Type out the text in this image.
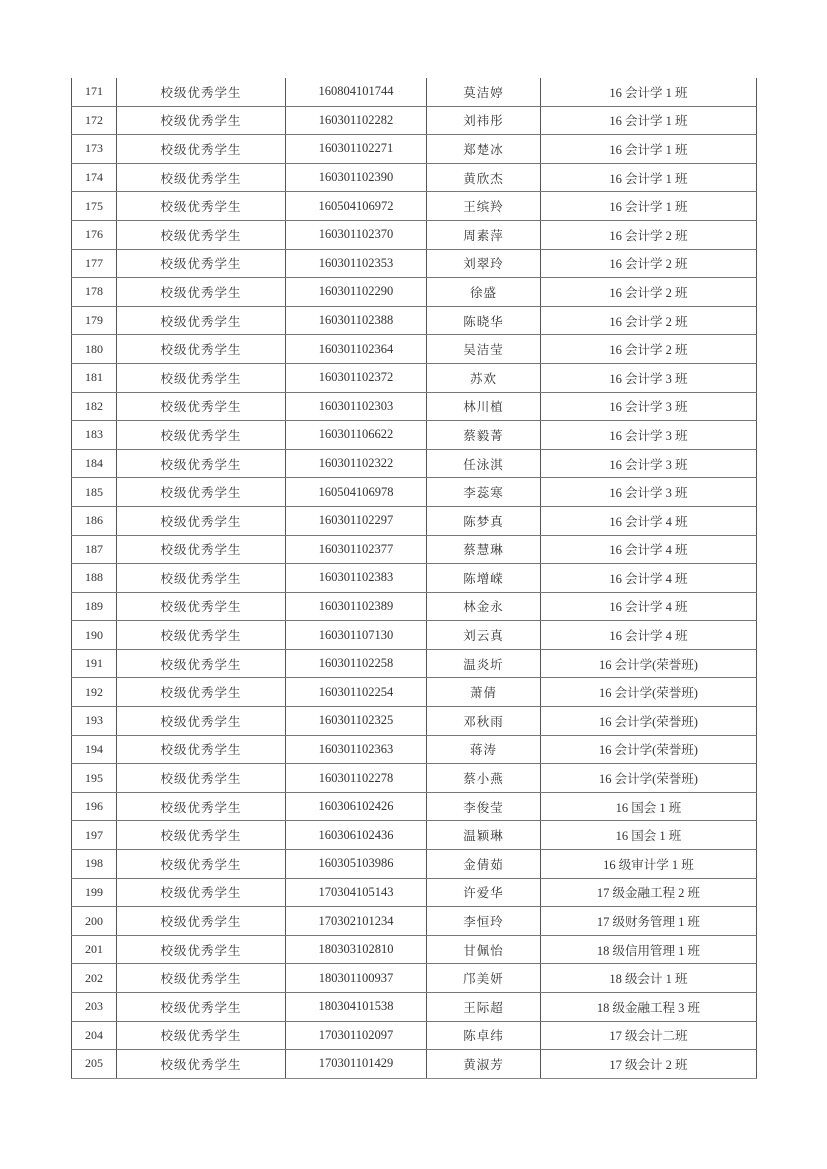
171	校级优秀学生	160804101744	莫洁婷	16 会计学 1 班
172	校级优秀学生	160301102282	刘祎彤	16 会计学 1 班
173	校级优秀学生	160301102271	郑楚冰	16 会计学 1 班
174	校级优秀学生	160301102390	黄欣杰	16 会计学 1 班
175	校级优秀学生	160504106972	王缤羚	16 会计学 1 班
176	校级优秀学生	160301102370	周素萍	16 会计学 2 班
177	校级优秀学生	160301102353	刘翠玲	16 会计学 2 班
178	校级优秀学生	160301102290	徐盛	16 会计学 2 班
179	校级优秀学生	160301102388	陈晓华	16 会计学 2 班
180	校级优秀学生	160301102364	吴洁莹	16 会计学 2 班
181	校级优秀学生	160301102372	苏欢	16 会计学 3 班
182	校级优秀学生	160301102303	林川植	16 会计学 3 班
183	校级优秀学生	160301106622	蔡毅菁	16 会计学 3 班
184	校级优秀学生	160301102322	任泳淇	16 会计学 3 班
185	校级优秀学生	160504106978	李蕊寒	16 会计学 3 班
186	校级优秀学生	160301102297	陈梦真	16 会计学 4 班
187	校级优秀学生	160301102377	蔡慧琳	16 会计学 4 班
188	校级优秀学生	160301102383	陈增嵘	16 会计学 4 班
189	校级优秀学生	160301102389	林金永	16 会计学 4 班
190	校级优秀学生	160301107130	刘云真	16 会计学 4 班
191	校级优秀学生	160301102258	温炎圻	16 会计学(荣誉班)
192	校级优秀学生	160301102254	萧倩	16 会计学(荣誉班)
193	校级优秀学生	160301102325	邓秋雨	16 会计学(荣誉班)
194	校级优秀学生	160301102363	蒋涛	16 会计学(荣誉班)
195	校级优秀学生	160301102278	蔡小燕	16 会计学(荣誉班)
196	校级优秀学生	160306102426	李俊莹	16 国会 1 班
197	校级优秀学生	160306102436	温颖琳	16 国会 1 班
198	校级优秀学生	160305103986	金倩茹	16 级审计学 1 班
199	校级优秀学生	170304105143	许爱华	17 级金融工程 2 班
200	校级优秀学生	170302101234	李恒玲	17 级财务管理 1 班
201	校级优秀学生	180303102810	甘佩怡	18 级信用管理 1 班
202	校级优秀学生	180301100937	邝美妍	18 级会计 1 班
203	校级优秀学生	180304101538	王际超	18 级金融工程 3 班
204	校级优秀学生	170301102097	陈卓纬	17 级会计二班
205	校级优秀学生	170301101429	黄淑芳	17 级会计 2 班
